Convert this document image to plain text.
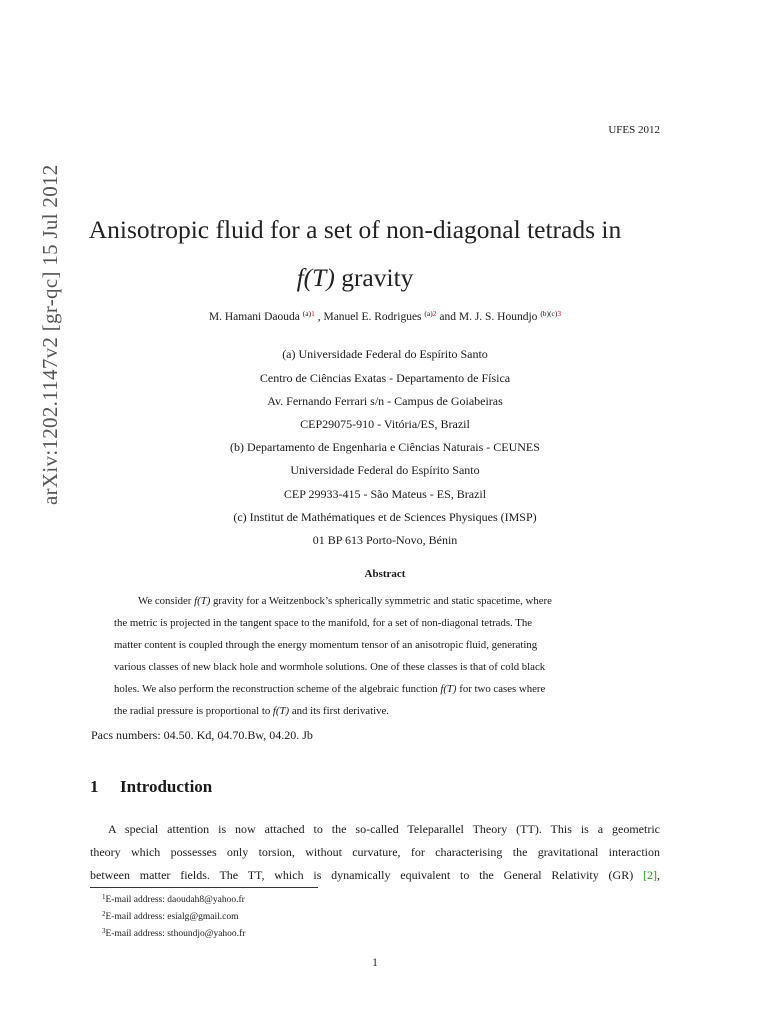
arXiv:1202.1147v2 [gr-qc] 15 Jul 2012
UFES 2012
Anisotropic fluid for a set of non-diagonal tetrads in
f(T) gravity
M. Hamani Daouda $^{(a)1}$ , Manuel E. Rodrigues $^{(a)2}$ and M. J. S. Houndjo $^{(b)(c)3}$
(a) Universidade Federal do Espírito Santo
Centro de Ciências Exatas - Departamento de Física
Av. Fernando Ferrari s/n - Campus de Goiabeiras
CEP29075-910 - Vitória/ES, Brazil
(b) Departamento de Engenharia e Ciências Naturais - CEUNES
Universidade Federal do Espírito Santo
CEP 29933-415 - São Mateus - ES, Brazil
(c) Institut de Mathématiques et de Sciences Physiques (IMSP)
01 BP 613 Porto-Novo, Bénin
Abstract
We consider f(T) gravity for a Weitzenbock’s spherically symmetric and static spacetime, where
the metric is projected in the tangent space to the manifold, for a set of non-diagonal tetrads. The
matter content is coupled through the energy momentum tensor of an anisotropic fluid, generating
various classes of new black hole and wormhole solutions. One of these classes is that of cold black
holes. We also perform the reconstruction scheme of the algebraic function f(T) for two cases where
the radial pressure is proportional to f(T) and its first derivative.
Pacs numbers: 04.50. Kd, 04.70.Bw, 04.20. Jb
1 Introduction
A special attention is now attached to the so-called Teleparallel Theory (TT). This is a geometric
theory which possesses only torsion, without curvature, for characterising the gravitational interaction
between matter fields. The TT, which is dynamically equivalent to the General Relativity (GR) [2],
$^1$E-mail address: daoudah8@yahoo.fr
$^2$E-mail address: esialg@gmail.com
$^3$E-mail address: sthoundjo@yahoo.fr
1
